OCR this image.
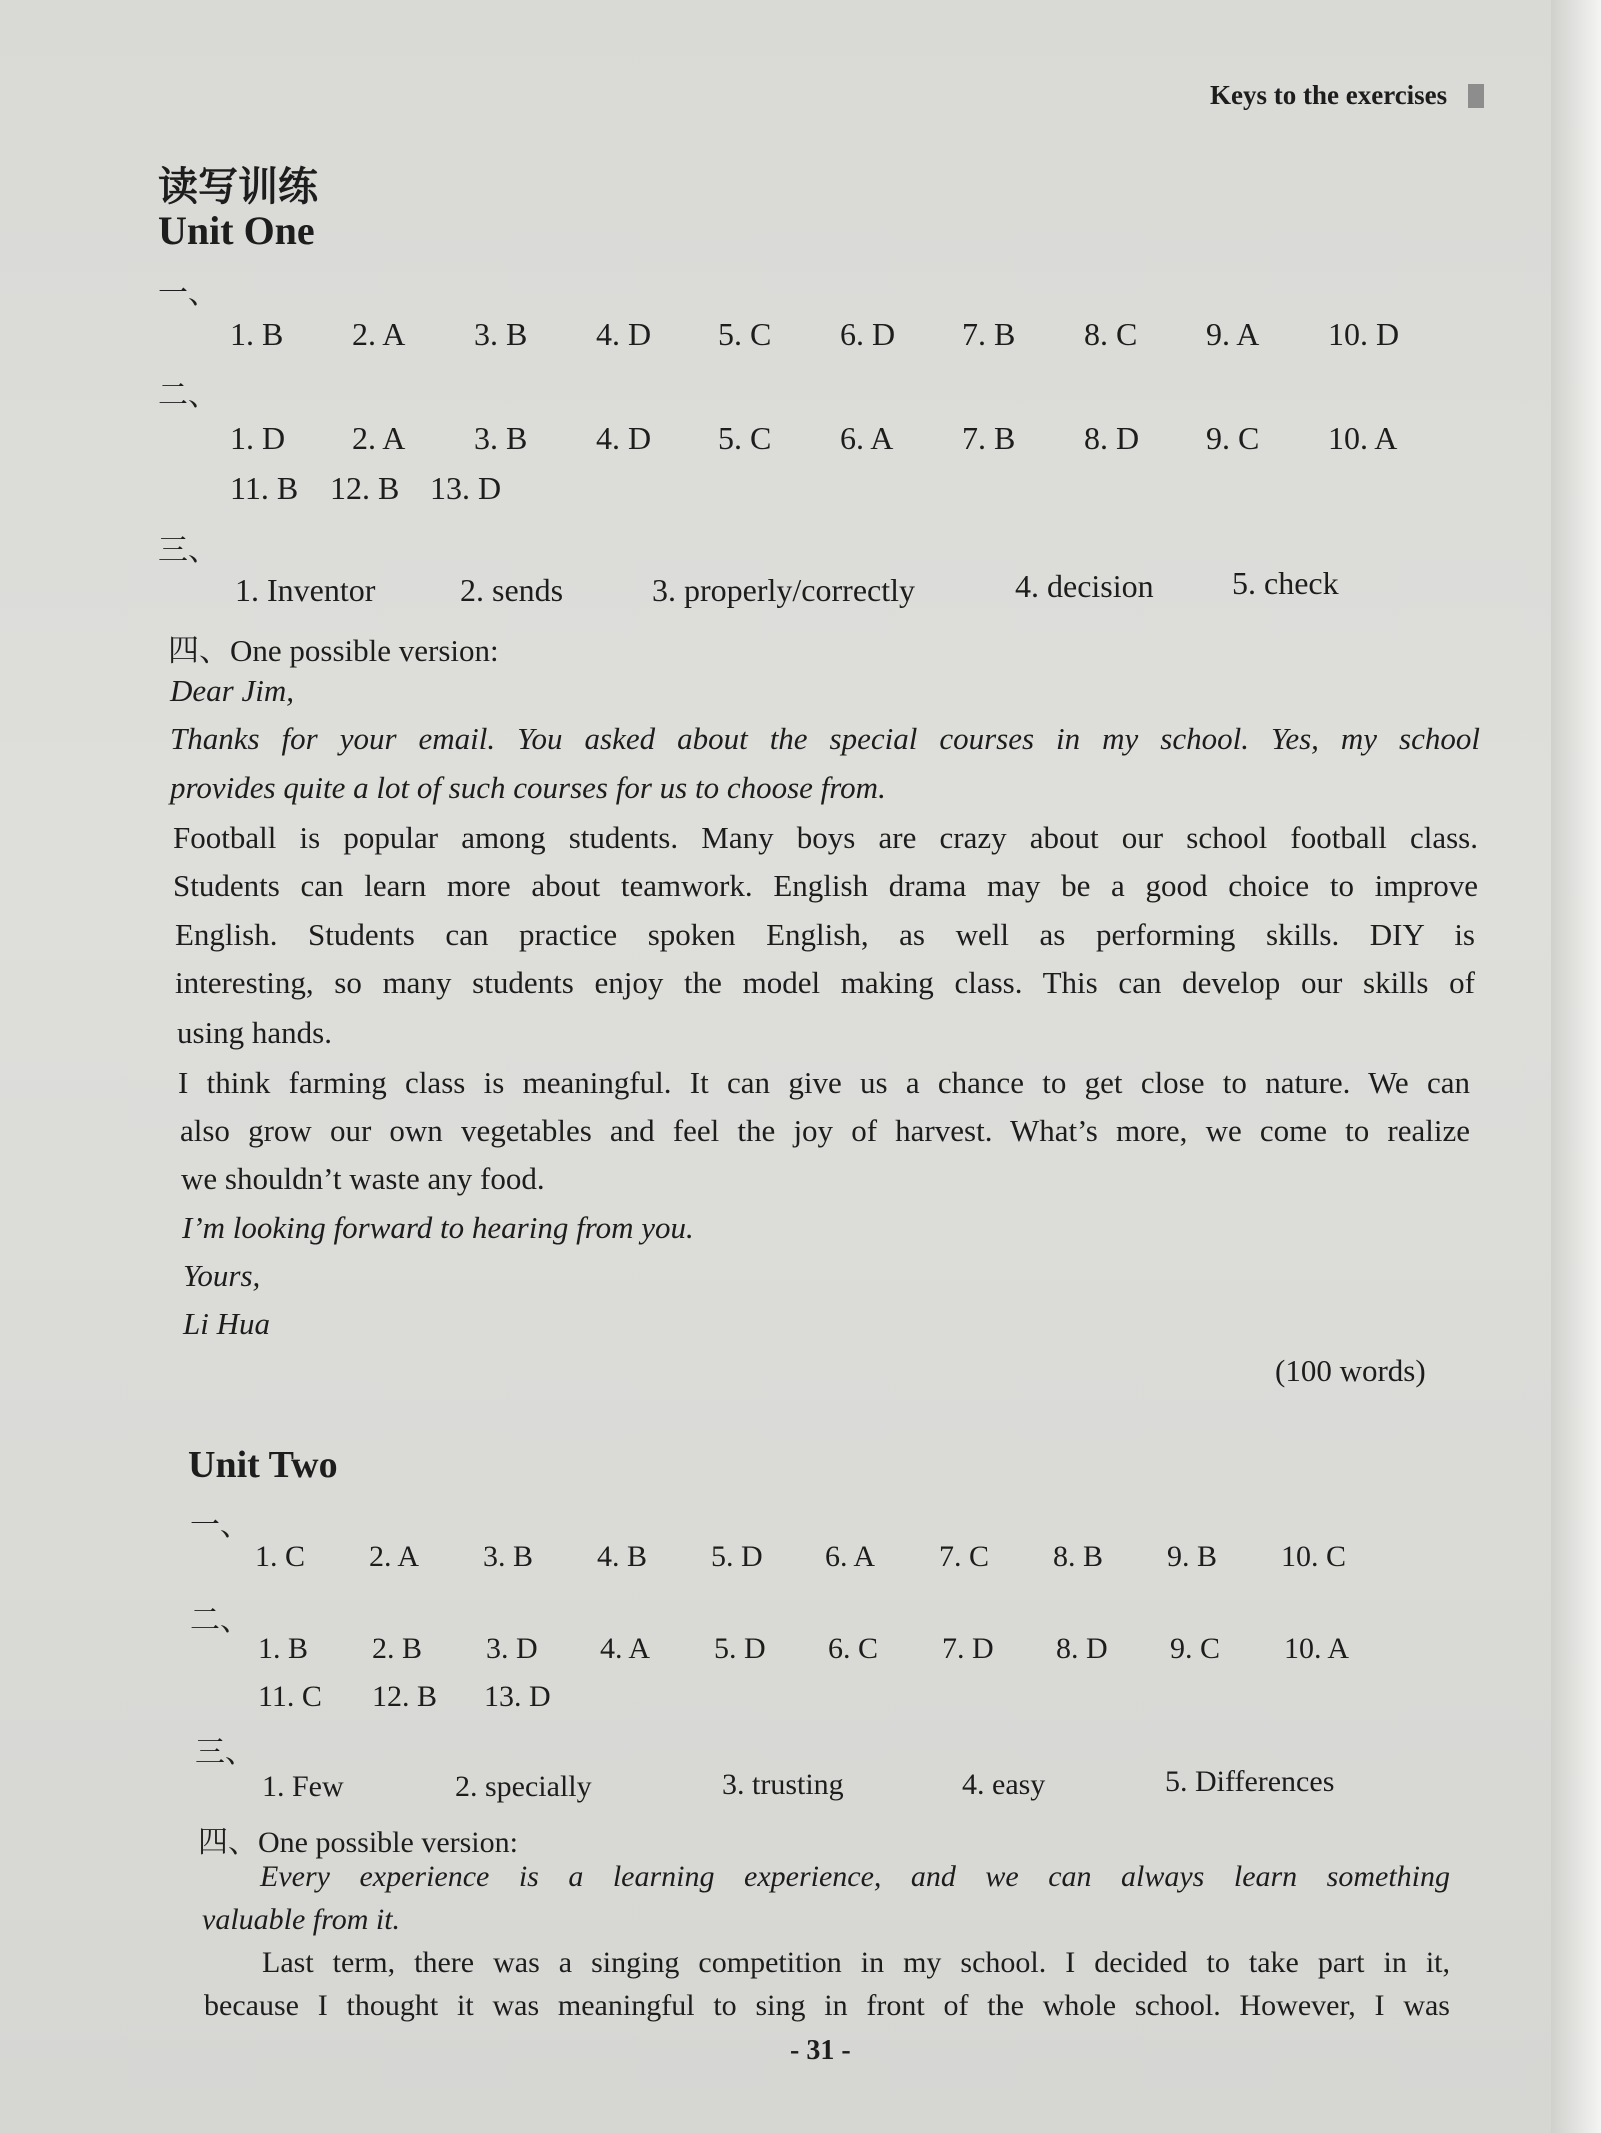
Keys to the exercises
读写训练
Unit One
一、
1. B	2. A	3. B	4. D	5. C	6. D	7. B	8. C	9. A	10. D
二、
1. D	2. A	3. B	4. D	5. C	6. A	7. B	8. D	9. C	10. A
11. B 12. B 13. D
三、
1. Inventor	2. sends	3. properly/correctly	4. decision 5. check
四、One possible version:
Dear Jim,
Thanks for your email. You asked about the special courses in my school. Yes, my school
provides quite a lot of such courses for us to choose from.
Football is popular among students. Many boys are crazy about our school football class.
Students can learn more about teamwork. English drama may be a good choice to improve
English. Students can practice spoken English, as well as performing skills. DIY is
interesting, so many students enjoy the model making class. This can develop our skills of
using hands.
I think farming class is meaningful. It can give us a chance to get close to nature. We can
also grow our own vegetables and feel the joy of harvest. What’s more, we come to realize
we shouldn’t waste any food.
I’m looking forward to hearing from you.
Yours,
Li Hua
(100 words)
Unit Two
一、
1. C	2. A	3. B	4. B	5. D	6. A	7. C	8. B	9. B	10. C
二、
1. B	2. B	3. D	4. A	5. D	6. C	7. D	8. D	9. C	10. A
11. C	12. B	13. D
三、
1. Few	2. specially	3. trusting	4. easy	5. Differences
四、One possible version:
Every experience is a learning experience, and we can always learn something
valuable from it.
Last term, there was a singing competition in my school. I decided to take part in it,
because I thought it was meaningful to sing in front of the whole school. However, I was
- 31 -
